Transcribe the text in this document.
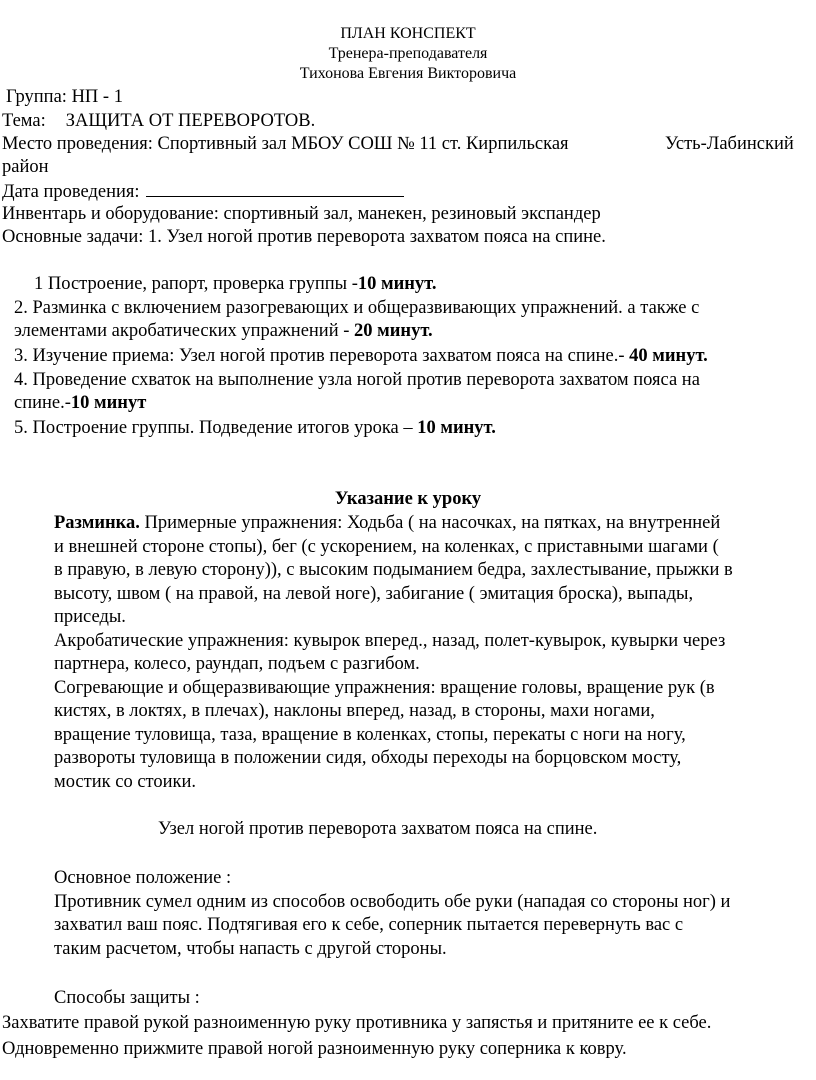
ПЛАН КОНСПЕКТ
Тренера-преподавателя
Тихонова Евгения Викторовича
Группа: НП - 1
Тема: ЗАЩИТА ОТ ПЕРЕВОРОТОВ.
Место проведения: Спортивный зал МБОУ СОШ № 11 ст. Кирпильская	Усть-Лабинский
район
Дата проведения:
Инвентарь и оборудование: спортивный зал, манекен, резиновый экспандер
Основные задачи: 1. Узел ногой против переворота захватом пояса на спине.
1 Построение, рапорт, проверка группы -10 минут.
2. Разминка с включением разогревающих и общеразвивающих упражнений. а также с
элементами акробатических упражнений - 20 минут.
3. Изучение приема: Узел ногой против переворота захватом пояса на спине.- 40 минут.
4. Проведение схваток на выполнение узла ногой против переворота захватом пояса на
спине.-10 минут
5. Построение группы. Подведение итогов урока – 10 минут.
Указание к уроку
Разминка. Примерные упражнения: Ходьба ( на насочках, на пятках, на внутренней
и внешней стороне стопы), бег (с ускорением, на коленках, с приставными шагами (
в правую, в левую сторону)), с высоким подыманием бедра, захлестывание, прыжки в
высоту, швом ( на правой, на левой ноге), забигание ( эмитация броска), выпады,
приседы.
Акробатические упражнения: кувырок вперед., назад, полет-кувырок, кувырки через
партнера, колесо, раундап, подъем с разгибом.
Согревающие и общеразвивающие упражнения: вращение головы, вращение рук (в
кистях, в локтях, в плечах), наклоны вперед, назад, в стороны, махи ногами,
вращение туловища, таза, вращение в коленках, стопы, перекаты с ноги на ногу,
развороты туловища в положении сидя, обходы переходы на борцовском мосту,
мостик со стоики.
Узел ногой против переворота захватом пояса на спине.
Основное положение :
Противник сумел одним из способов освободить обе руки (нападая со стороны ног) и
захватил ваш пояс. Подтягивая его к себе, соперник пытается перевернуть вас с
таким расчетом, чтобы напасть с другой стороны.
Способы защиты :
Захватите правой рукой разноименную руку противника у запястья и притяните ее к себе.
Одновременно прижмите правой ногой разноименную руку соперника к ковру.
